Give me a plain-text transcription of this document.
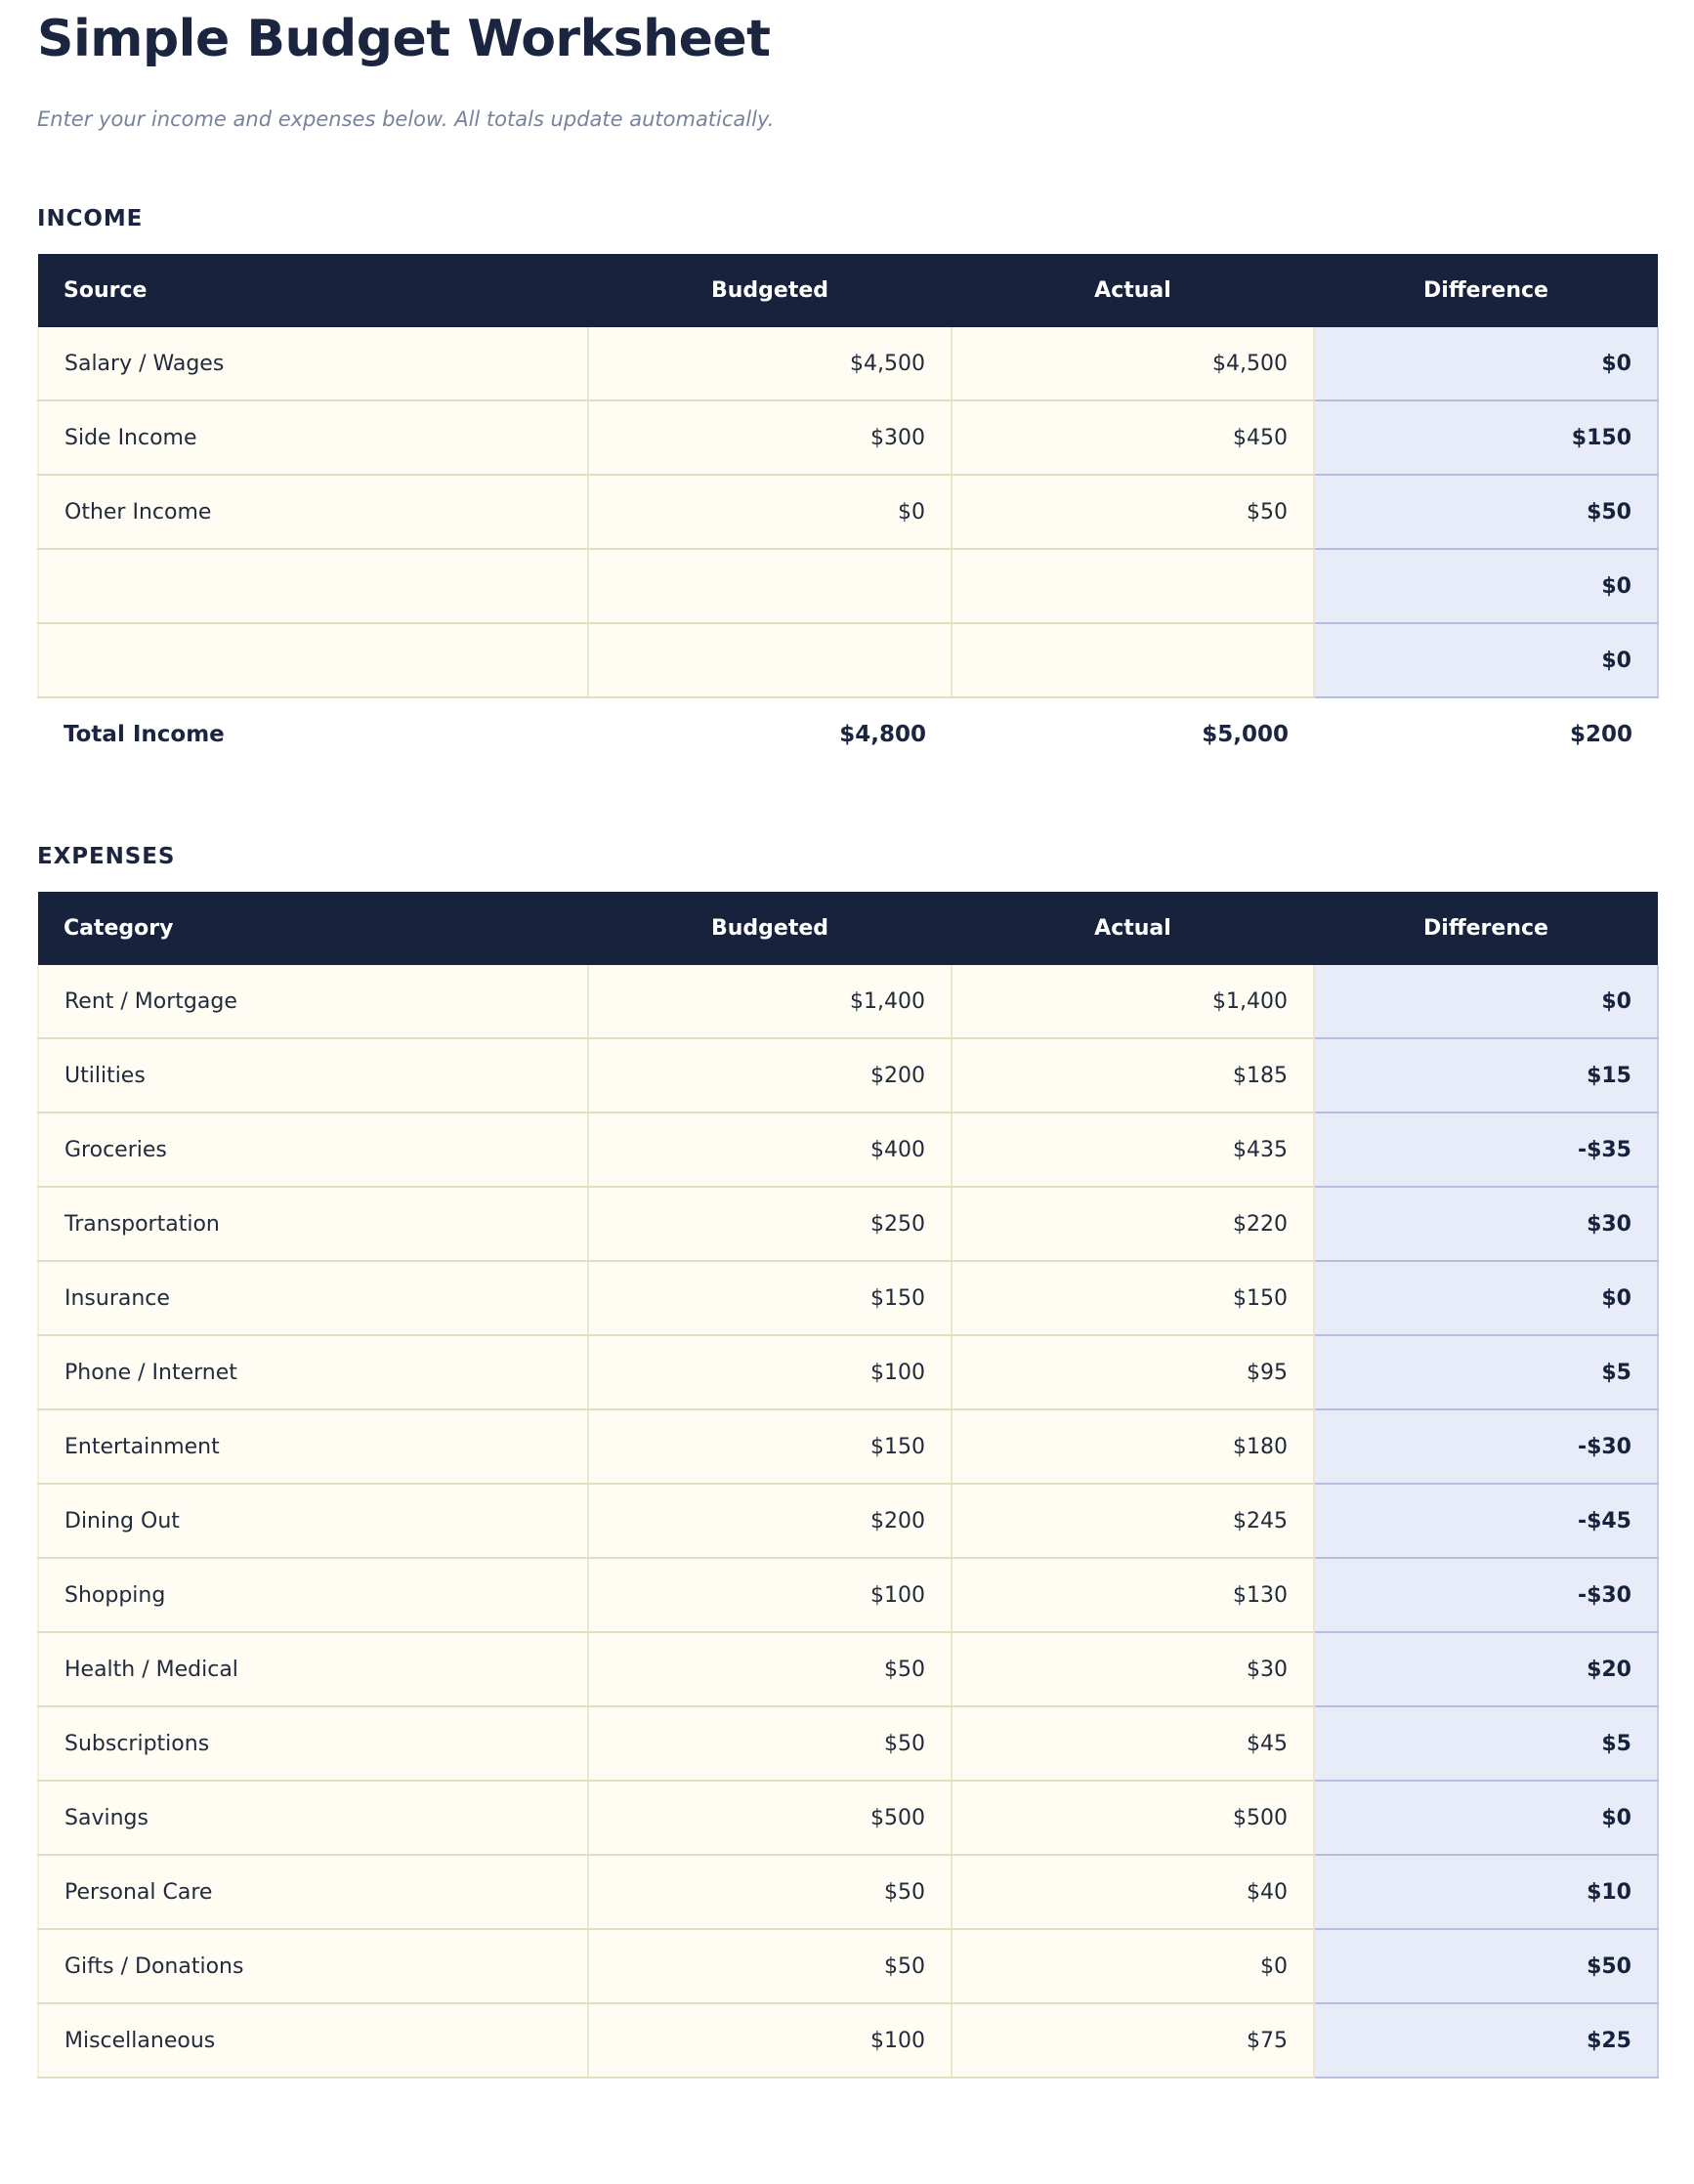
Simple Budget Worksheet

Enter your income and expenses below. All totals update automatically.

INCOME
Source	Budgeted	Actual	Difference
Salary / Wages	$4,500	$4,500	$0
Side Income	$300	$450	$150
Other Income	$0	$50	$50
			$0
			$0
Total Income	$4,800	$5,000	$200
EXPENSES
Category	Budgeted	Actual	Difference
Rent / Mortgage	$1,400	$1,400	$0
Utilities	$200	$185	$15
Groceries	$400	$435	-$35
Transportation	$250	$220	$30
Insurance	$150	$150	$0
Phone / Internet	$100	$95	$5
Entertainment	$150	$180	-$30
Dining Out	$200	$245	-$45
Shopping	$100	$130	-$30
Health / Medical	$50	$30	$20
Subscriptions	$50	$45	$5
Savings	$500	$500	$0
Personal Care	$50	$40	$10
Gifts / Donations	$50	$0	$50
Miscellaneous	$100	$75	$25
